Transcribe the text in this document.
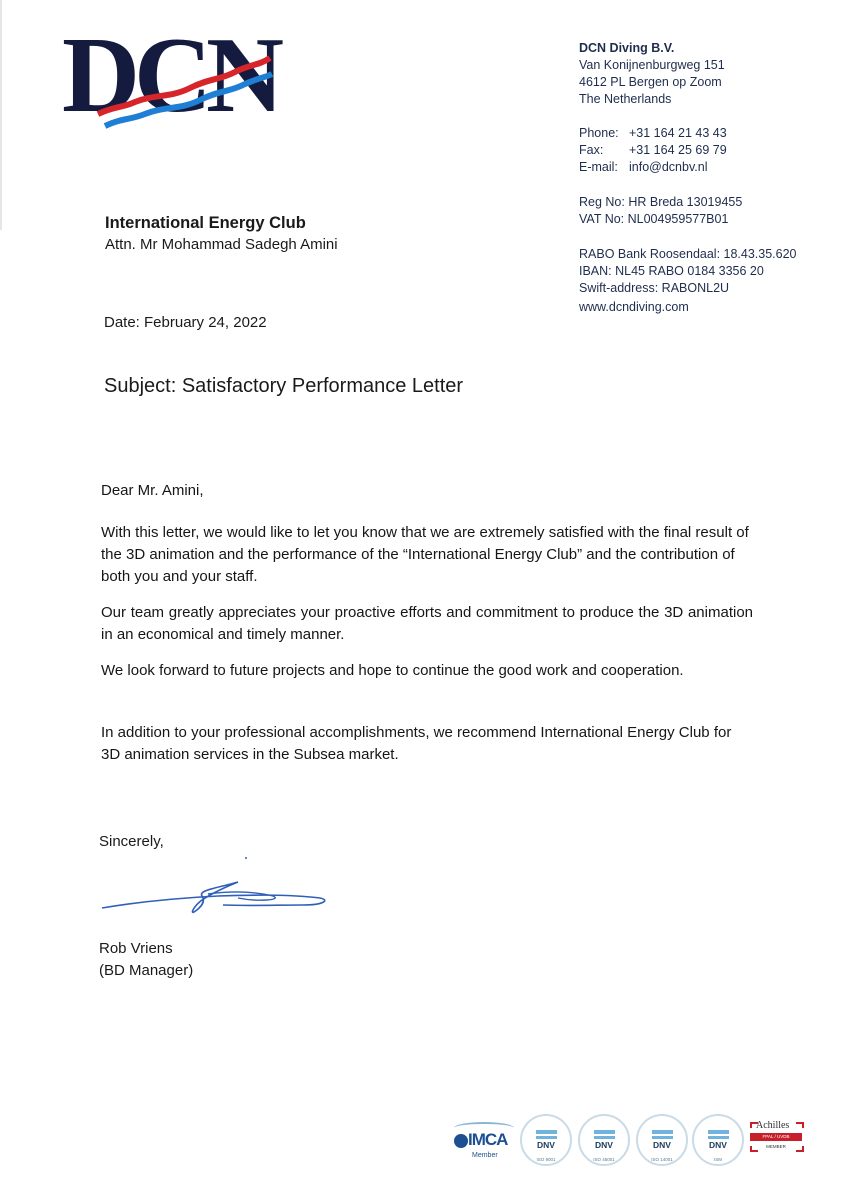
DCN	DCN Diving B.V.
Van Konijnenburgweg 151
4612 PL Bergen op Zoom
The Netherlands
Phone: +31 164 21 43 43
Fax:	+31 164 25 69 79
E-mail: info@dcnbv.nl
Reg No: HR Breda 13019455
VAT No: NL004959577B01
RABO Bank Roosendaal: 18.43.35.620
IBAN: NL45 RABO 0184 3356 20
Swift-address: RABONL2U
www.dcndiving.com
International Energy Club
Attn. Mr Mohammad Sadegh Amini
Date: February 24, 2022
Subject: Satisfactory Performance Letter

Dear Mr. Amini,

With this letter, we would like to let you know that we are extremely satisfied with the final result of the 3D animation and the performance of the “International Energy Club” and the contribution of both you and your staff.

Our team greatly appreciates your proactive efforts and commitment to produce the 3D animation in an economical and timely manner.

We look forward to future projects and hope to continue the good work and cooperation.

In addition to your professional accomplishments, we recommend International Energy Club for 3D animation services in the Subsea market.

Sincerely,
Rob Vriens
(BD Manager)
IMCA
Member
DNV
ISO 9001
DNV
ISO 45001
DNV
ISO 14001
DNV
ISM
Achilles
FPAL / UVDB
MEMBER
